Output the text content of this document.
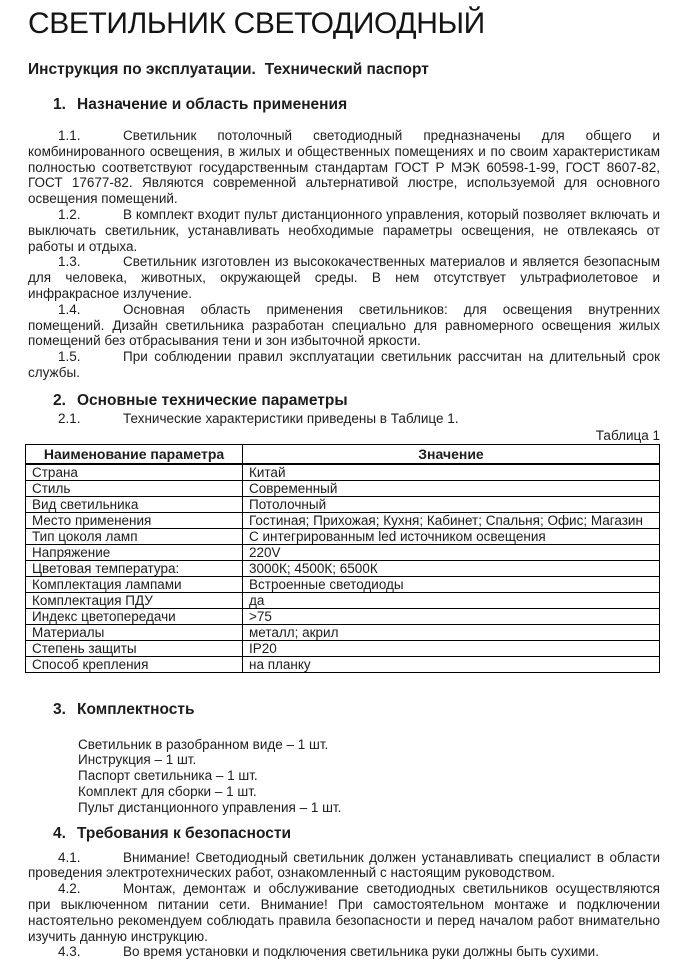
СВЕТИЛЬНИК СВЕТОДИОДНЫЙ
Инструкция по эксплуатации. Технический паспорт
1. Назначение и область применения

1.1.	Светильник потолочный светодиодный предназначены для общего и комбинированного освещения, в жилых и общественных помещениях и по своим характеристикам полностью соответствуют государственным стандартам ГОСТ Р МЭК 60598-1-99, ГОСТ 8607-82, ГОСТ 17677-82. Являются современной альтернативой люстре, используемой для основного освещения помещений.

1.2.	В комплект входит пульт дистанционного управления, который позволяет включать и выключать светильник, устанавливать необходимые параметры освещения, не отвлекаясь от работы и отдыха.

1.3.	Светильник изготовлен из высококачественных материалов и является безопасным для человека, животных, окружающей среды. В нем отсутствует ультрафиолетовое и инфракрасное излучение.

1.4.	Основная область применения светильников: для освещения внутренних помещений. Дизайн светильника разработан специально для равномерного освещения жилых помещений без отбрасывания тени и зон избыточной яркости.

1.5.	При соблюдении правил эксплуатации светильник рассчитан на длительный срок службы.

2. Основные технические параметры

2.1.	Технические характеристики приведены в Таблице 1.

Таблица 1
Наименование параметра	Значение
Страна	Китай
Стиль	Современный
Вид светильника	Потолочный
Место применения	Гостиная; Прихожая; Кухня; Кабинет; Спальня; Офис; Магазин
Тип цоколя ламп	С интегрированным led источником освещения
Напряжение	220V
Цветовая температура:	3000К; 4500К; 6500К
Комплектация лампами	Встроенные светодиоды
Комплектация ПДУ	да
Индекс цветопередачи	>75
Материалы	металл; акрил
Степень защиты	IP20
Способ крепления	на планку
3. Комплектность
Светильник в разобранном виде – 1 шт.
Инструкция – 1 шт.
Паспорт светильника – 1 шт.
Комплект для сборки – 1 шт.
Пульт дистанционного управления – 1 шт.
4. Требования к безопасности

4.1.	Внимание! Светодиодный светильник должен устанавливать специалист в области проведения электротехнических работ, ознакомленный с настоящим руководством.

4.2.	Монтаж, демонтаж и обслуживание светодиодных светильников осуществляются при выключенном питании сети. Внимание! При самостоятельном монтаже и подключении настоятельно рекомендуем соблюдать правила безопасности и перед началом работ внимательно изучить данную инструкцию.

4.3.	Во время установки и подключения светильника руки должны быть сухими.
